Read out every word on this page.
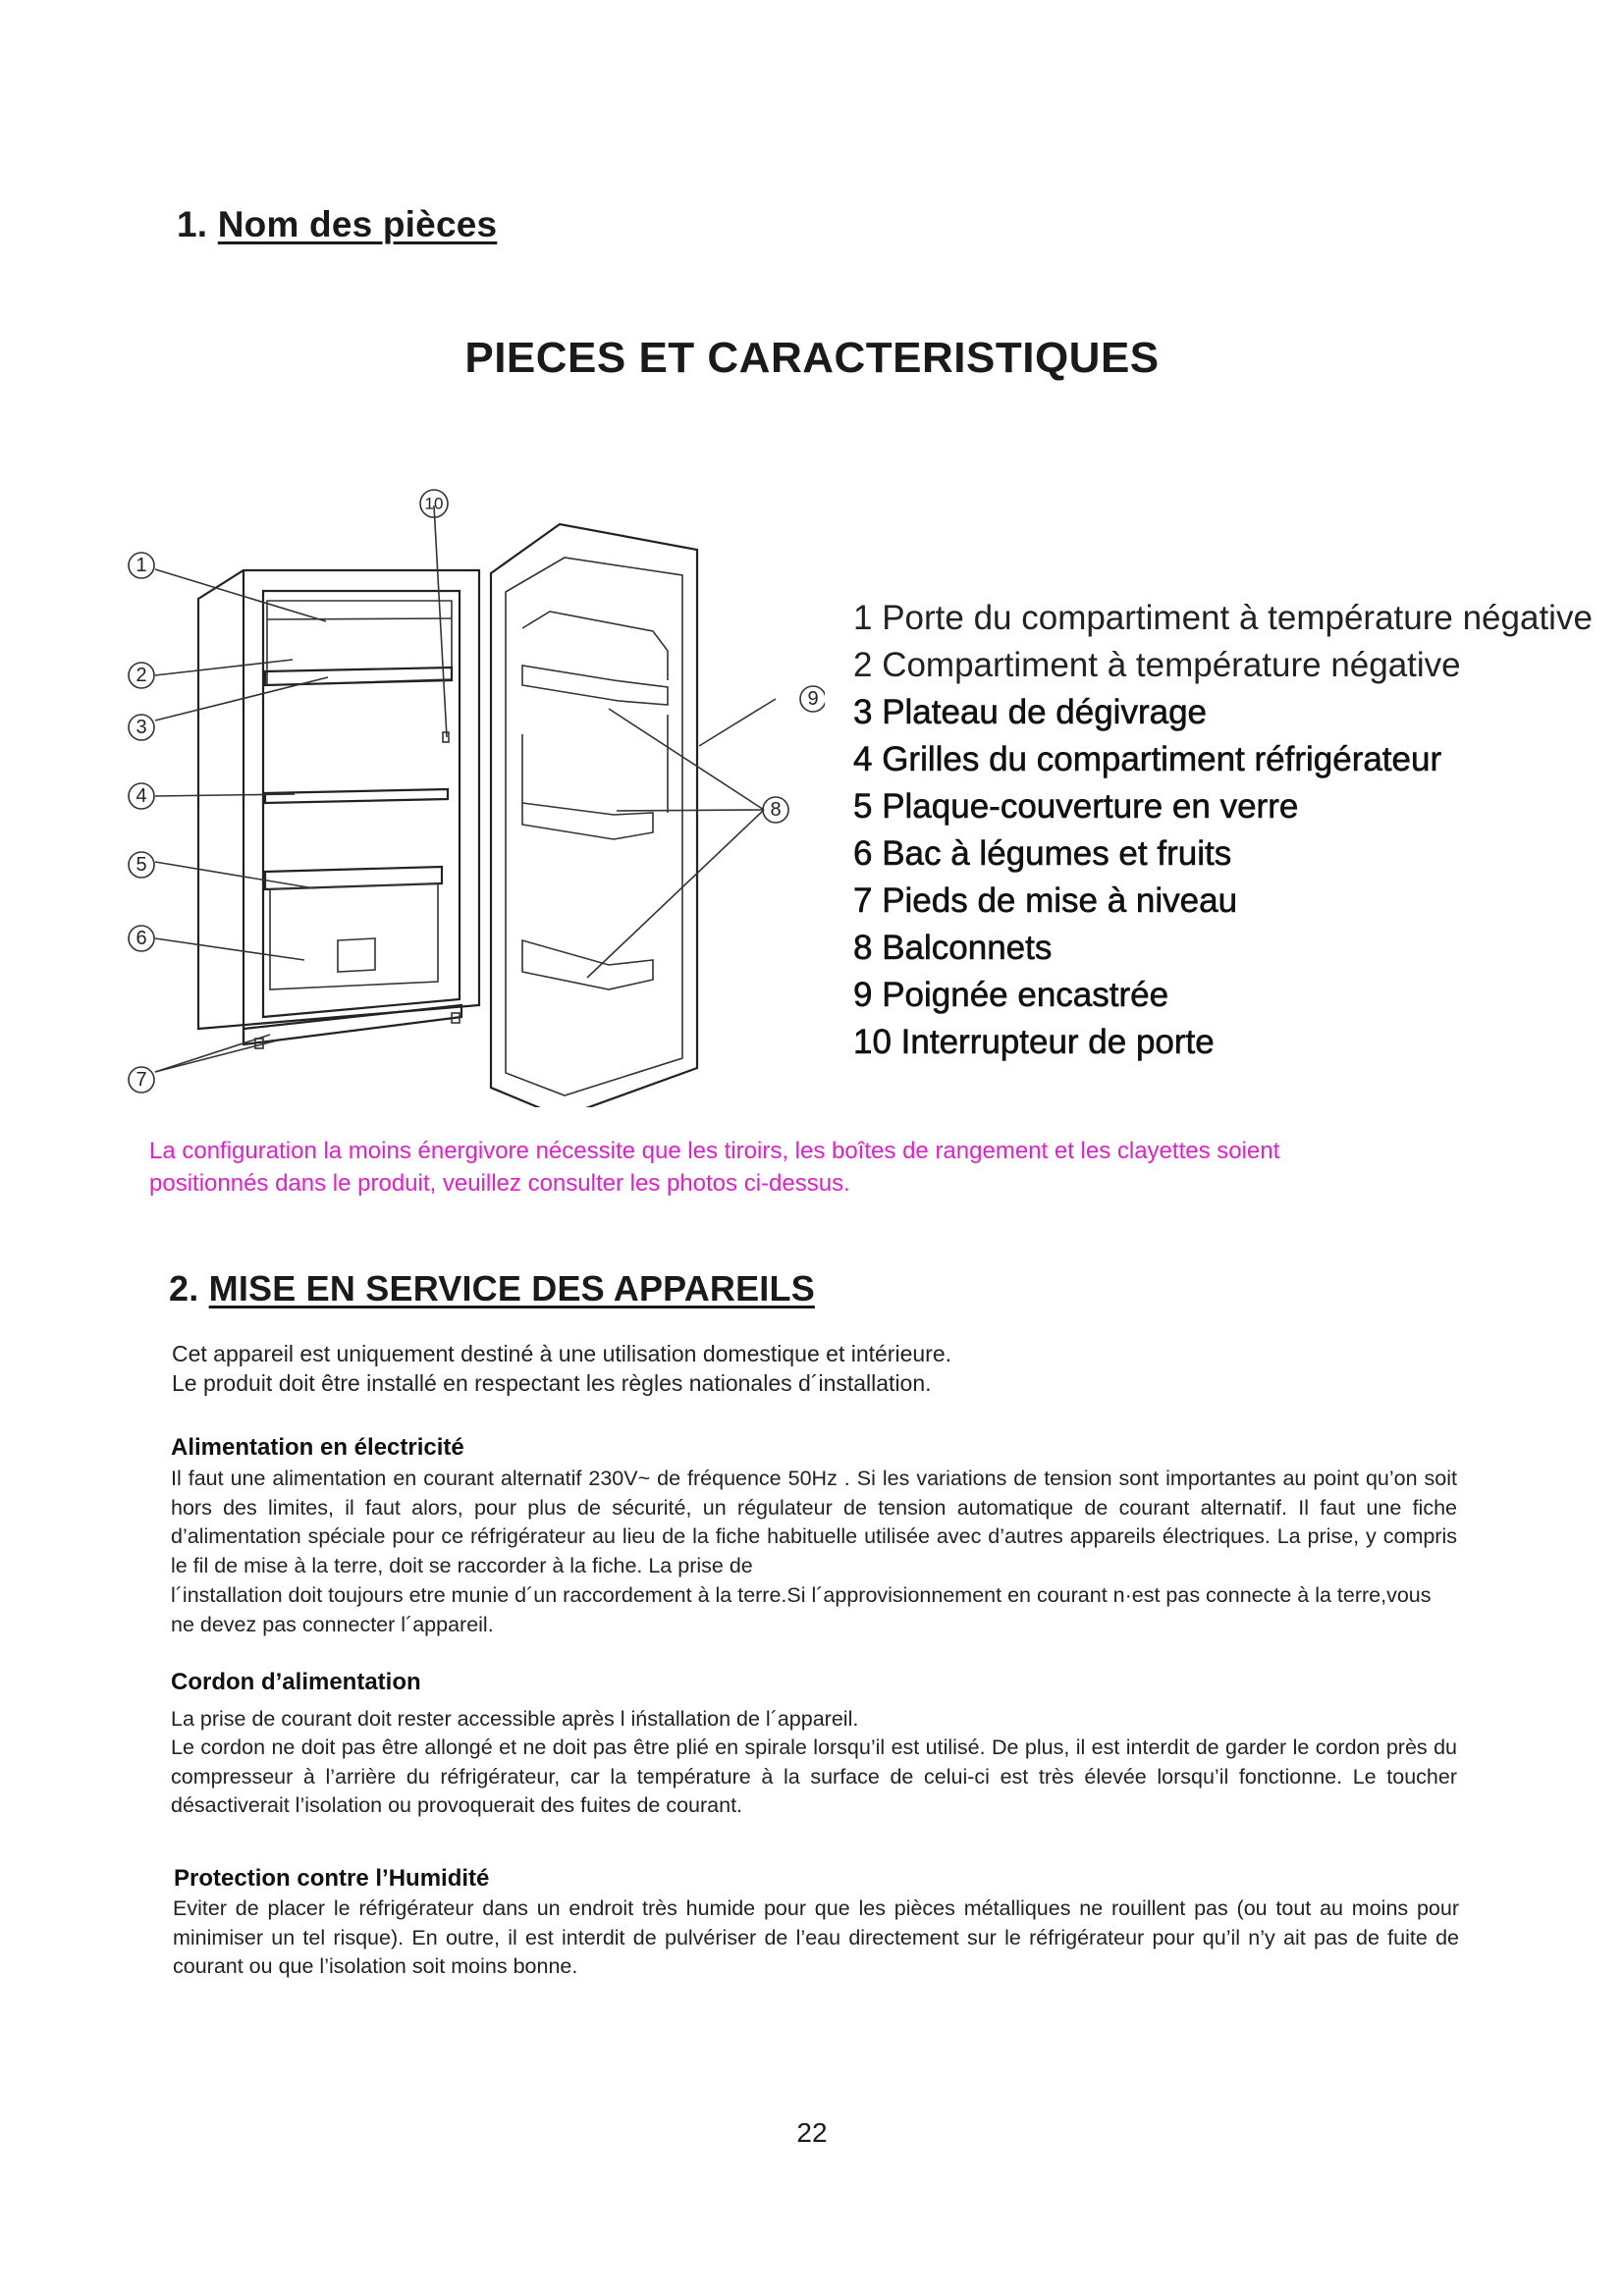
1. Nom des pièces
PIECES ET CARACTERISTIQUES
1
2
3
4
5
6
7
8
9
10
1 Porte du compartiment à température négative
2 Compartiment à température négative
3 Plateau de dégivrage
4 Grilles du compartiment réfrigérateur
5 Plaque-couverture en verre
6 Bac à légumes et fruits
7 Pieds de mise à niveau
8 Balconnets
9 Poignée encastrée
10 Interrupteur de porte
La configuration la moins énergivore nécessite que les tiroirs, les boîtes de rangement et les clayettes soient
positionnés dans le produit, veuillez consulter les photos ci-dessus.
2. MISE EN SERVICE DES APPAREILS
Cet appareil est uniquement destiné à une utilisation domestique et intérieure.
Le produit doit être installé en respectant les règles nationales d´installation.
Alimentation en électricité
Il faut une alimentation en courant alternatif 230V~ de fréquence 50Hz . Si les variations de tension sont importantes au point qu’on soit hors des limites, il faut alors, pour plus de sécurité, un régulateur de tension automatique de courant alternatif. Il faut une fiche d’alimentation spéciale pour ce réfrigérateur au lieu de la fiche habituelle utilisée avec d’autres appareils électriques. La prise, y compris le fil de mise à la terre, doit se raccorder à la fiche. La prise de
l´installation doit toujours etre munie d´un raccordement à la terre.Si l´approvisionnement en courant n·est pas connecte à la terre,vous ne devez pas connecter l´appareil.
Cordon d’alimentation
La prise de courant doit rester accessible après l iństallation de l´appareil.
Le cordon ne doit pas être allongé et ne doit pas être plié en spirale lorsqu’il est utilisé. De plus, il est interdit de garder le cordon près du compresseur à l’arrière du réfrigérateur, car la température à la surface de celui-ci est très élevée lorsqu’il fonctionne. Le toucher désactiverait l’isolation ou provoquerait des fuites de courant.
Protection contre l’Humidité
Eviter de placer le réfrigérateur dans un endroit très humide pour que les pièces métalliques ne rouillent pas (ou tout au moins pour minimiser un tel risque). En outre, il est interdit de pulvériser de l’eau directement sur le réfrigérateur pour qu’il n’y ait pas de fuite de courant ou que l’isolation soit moins bonne.
22
